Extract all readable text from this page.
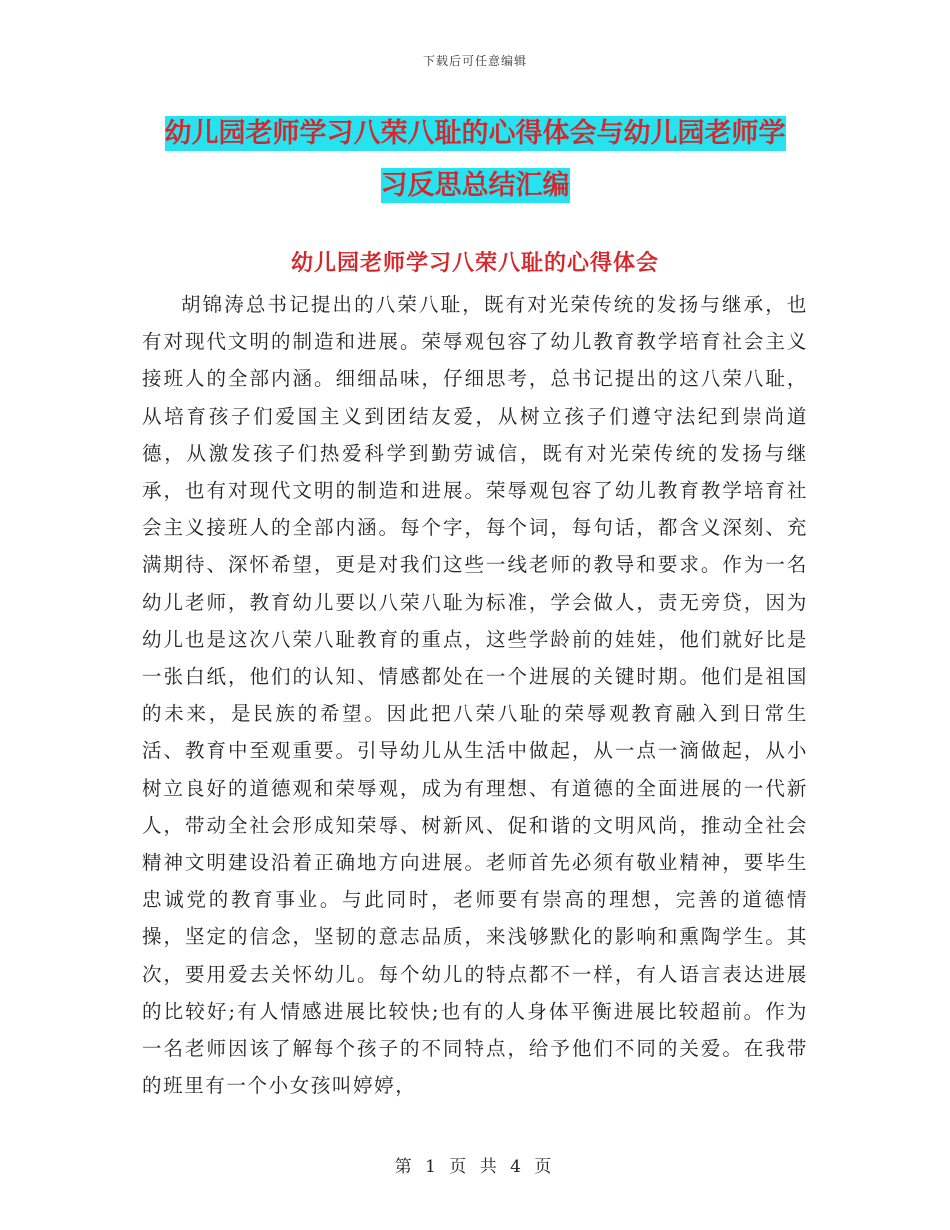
下载后可任意编辑
幼儿园老师学习八荣八耻的心得体会与幼儿园老师学
习反思总结汇编
幼儿园老师学习八荣八耻的心得体会

胡锦涛总书记提出的八荣八耻，既有对光荣传统的发扬与继承，也有对现代文明的制造和进展。荣辱观包容了幼儿教育教学培育社会主义接班人的全部内涵。细细品味，仔细思考，总书记提出的这八荣八耻，从培育孩子们爱国主义到团结友爱，从树立孩子们遵守法纪到崇尚道德，从激发孩子们热爱科学到勤劳诚信，既有对光荣传统的发扬与继承，也有对现代文明的制造和进展。荣辱观包容了幼儿教育教学培育社会主义接班人的全部内涵。每个字，每个词，每句话，都含义深刻、充满期待、深怀希望，更是对我们这些一线老师的教导和要求。作为一名幼儿老师，教育幼儿要以八荣八耻为标准，学会做人，责无旁贷，因为幼儿也是这次八荣八耻教育的重点，这些学龄前的娃娃，他们就好比是一张白纸，他们的认知、情感都处在一个进展的关键时期。他们是祖国的未来，是民族的希望。因此把八荣八耻的荣辱观教育融入到日常生活、教育中至观重要。引导幼儿从生活中做起，从一点一滴做起，从小树立良好的道德观和荣辱观，成为有理想、有道德的全面进展的一代新人，带动全社会形成知荣辱、树新风、促和谐的文明风尚，推动全社会精神文明建设沿着正确地方向进展。老师首先必须有敬业精神，要毕生忠诚党的教育事业。与此同时，老师要有崇高的理想，完善的道德情操，坚定的信念，坚韧的意志品质，来浅够默化的影响和熏陶学生。其次，要用爱去关怀幼儿。每个幼儿的特点都不一样，有人语言表达进展的比较好;有人情感进展比较快;也有的人身体平衡进展比较超前。作为一名老师因该了解每个孩子的不同特点，给予他们不同的关爱。在我带的班里有一个小女孩叫婷婷，

第 1 页 共 4 页
